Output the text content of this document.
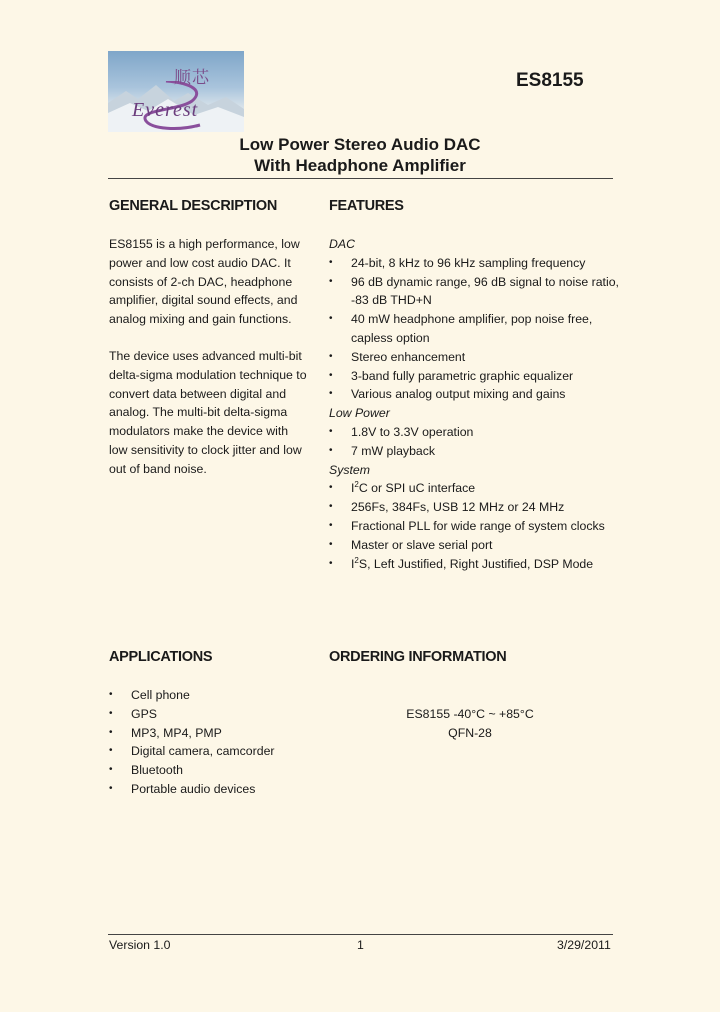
顺芯
Everest
ES8155
Low Power Stereo Audio DAC
With Headphone Amplifier
GENERAL DESCRIPTION

ES8155 is a high performance, low power and low cost audio DAC. It consists of 2-ch DAC, headphone amplifier, digital sound effects, and analog mixing and gain functions.

The device uses advanced multi-bit delta-sigma modulation technique to convert data between digital and analog. The multi-bit delta-sigma modulators make the device with low sensitivity to clock jitter and low out of band noise.

FEATURES
DAC
• 24-bit, 8 kHz to 96 kHz sampling frequency
• 96 dB dynamic range, 96 dB signal to noise ratio, -83 dB THD+N
• 40 mW headphone amplifier, pop noise free, capless option
• Stereo enhancement
• 3-band fully parametric graphic equalizer
• Various analog output mixing and gains
Low Power
• 1.8V to 3.3V operation
• 7 mW playback
System
• $I^2C$ or SPI uC interface
• 256Fs, 384Fs, USB 12 MHz or 24 MHz
• Fractional PLL for wide range of system clocks
• Master or slave serial port
• $I^2S$, Left Justified, Right Justified, DSP Mode
APPLICATIONS
• Cell phone
• GPS
• MP3, MP4, PMP
• Digital camera, camcorder
• Bluetooth
• Portable audio devices
ORDERING INFORMATION
ES8155 -40°C ~ +85°C
QFN-28
Version 1.0	1	3/29/2011
